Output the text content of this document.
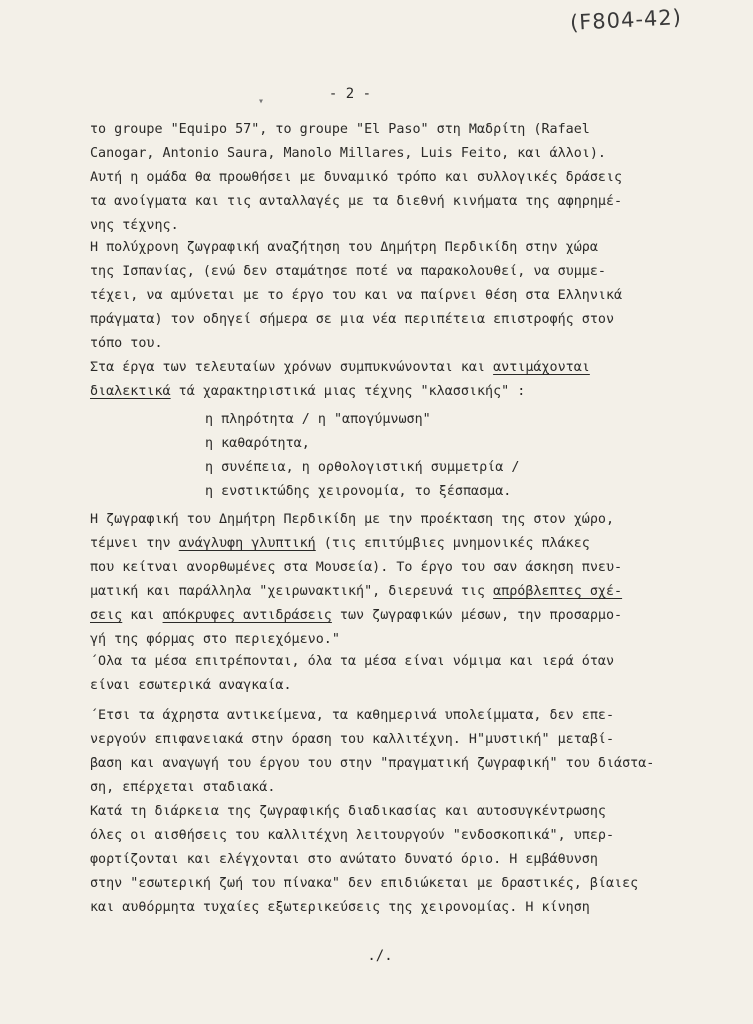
(F804-42)
- 2 -
▾
το groupe "Equipo 57", το groupe "El Paso" στη Μαδρίτη (Rafael
Canogar, Antonio Saura, Manolo Millares, Luis Feito, και άλλοι).
Αυτή η ομάδα θα προωθήσει με δυναμικό τρόπο και συλλογικές δράσεις
τα ανοίγματα και τις ανταλλαγές με τα διεθνή κινήματα της αφηρημέ-
νης τέχνης.
Η πολύχρονη ζωγραφική αναζήτηση του Δημήτρη Περδικίδη στην χώρα
της Ισπανίας, (ενώ δεν σταμάτησε ποτέ να παρακολουθεί, να συμμε-
τέχει, να αμύνεται με το έργο του και να παίρνει θέση στα Ελληνικά
πράγματα) τον οδηγεί σήμερα σε μια νέα περιπέτεια επιστροφής στον
τόπο του.
Στα έργα των τελευταίων χρόνων συμπυκνώνονται και αντιμάχονται
διαλεκτικά τά χαρακτηριστικά μιας τέχνης "κλασσικής" :
η πληρότητα / η "απογύμνωση"
η καθαρότητα,
η συνέπεια, η ορθολογιστική συμμετρία /
η ενστικτώδης χειρονομία, το ξέσπασμα.
Η ζωγραφική του Δημήτρη Περδικίδη με την προέκταση της στον χώρο,
τέμνει την ανάγλυφη γλυπτική (τις επιτύμβιες μνημονικές πλάκες
που κείτναι ανορθωμένες στα Μουσεία). Το έργο του σαν άσκηση πνευ-
ματική και παράλληλα "χειρωνακτική", διερευνά τις απρόβλεπτες σχέ-
σεις και απόκρυφες αντιδράσεις των ζωγραφικών μέσων, την προσαρμο-
γή της φόρμας στο περιεχόμενο."
΄Ολα τα μέσα επιτρέπονται, όλα τα μέσα είναι νόμιμα και ιερά όταν
είναι εσωτερικά αναγκαία.
΄Ετσι τα άχρηστα αντικείμενα, τα καθημερινά υπολείμματα, δεν επε-
νεργούν επιφανειακά στην όραση του καλλιτέχνη. Η"μυστική" μεταβί-
βαση και αναγωγή του έργου του στην "πραγματική ζωγραφική" του διάστα-
ση, επέρχεται σταδιακά.
Κατά τη διάρκεια της ζωγραφικής διαδικασίας και αυτοσυγκέντρωσης
όλες οι αισθήσεις του καλλιτέχνη λειτουργούν "ενδοσκοπικά", υπερ-
φορτίζονται και ελέγχονται στο ανώτατο δυνατό όριο. Η εμβάθυνση
στην "εσωτερική ζωή του πίνακα" δεν επιδιώκεται με δραστικές, βίαιες
και αυθόρμητα τυχαίες εξωτερικεύσεις της χειρονομίας. Η κίνηση
./.
